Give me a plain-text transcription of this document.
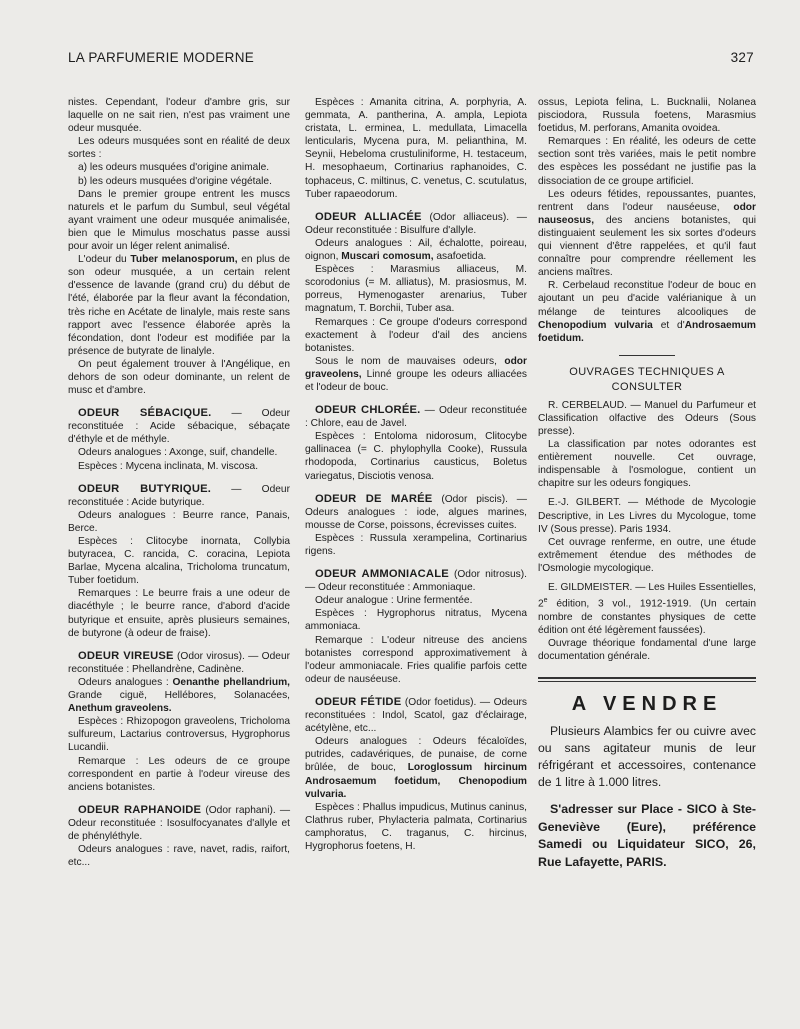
LA PARFUMERIE MODERNE	327

nistes. Cependant, l'odeur d'ambre gris, sur laquelle on ne sait rien, n'est pas vraiment une odeur musquée.

Les odeurs musquées sont en réalité de deux sortes :

a) les odeurs musquées d'origine animale.

b) les odeurs musquées d'origine végétale.

Dans le premier groupe entrent les muscs naturels et le parfum du Sumbul, seul végétal ayant vraiment une odeur musquée animalisée, bien que le Mimulus moschatus passe aussi pour avoir un léger relent animalisé.

L'odeur du Tuber melanosporum, en plus de son odeur musquée, a un certain relent d'essence de lavande (grand cru) du début de l'été, élaborée par la fleur avant la fécondation, très riche en Acétate de linalyle, mais reste sans rapport avec l'essence élaborée après la fécondation, dont l'odeur est modifiée par la présence de butyrate de linalyle.

On peut également trouver à l'Angélique, en dehors de son odeur dominante, un relent de musc et d'ambre.

ODEUR SÉBACIQUE. — Odeur reconstituée : Acide sébacique, sébaçate d'éthyle et de méthyle.

Odeurs analogues : Axonge, suif, chandelle.

Espèces : Mycena inclinata, M. viscosa.

ODEUR BUTYRIQUE. — Odeur reconstituée : Acide butyrique.

Odeurs analogues : Beurre rance, Panais, Berce.

Espèces : Clitocybe inornata, Collybia butyracea, C. rancida, C. coracina, Lepiota Barlae, Mycena alcalina, Tricholoma truncatum, Tuber foetidum.

Remarques : Le beurre frais a une odeur de diacéthyle ; le beurre rance, d'abord d'acide butyrique et ensuite, après plusieurs semaines, de butyrone (à odeur de fraise).

ODEUR VIREUSE (Odor virosus). — Odeur reconstituée : Phellandrène, Cadinène.

Odeurs analogues : Oenanthe phellandrium, Grande ciguë, Hellébores, Solanacées, Anethum graveolens.

Espèces : Rhizopogon graveolens, Tricholoma sulfureum, Lactarius controversus, Hygrophorus Lucandii.

Remarque : Les odeurs de ce groupe correspondent en partie à l'odeur vireuse des anciens botanistes.

ODEUR RAPHANOIDE (Odor raphani). — Odeur reconstituée : Isosulfocyanates d'allyle et de phényléthyle.

Odeurs analogues : rave, navet, radis, raifort, etc...

Espèces : Amanita citrina, A. porphyria, A. gemmata, A. pantherina, A. ampla, Lepiota cristata, L. erminea, L. medullata, Limacella lenticularis, Mycena pura, M. pelianthina, M. Seynii, Hebeloma crustuliniforme, H. testaceum, H. mesophaeum, Cortinarius raphanoides, C. tophaceus, C. miltinus, C. venetus, C. scutulatus, Tuber rapaeodorum.

ODEUR ALLIACÉE (Odor alliaceus). — Odeur reconstituée : Bisulfure d'allyle.

Odeurs analogues : Ail, échalotte, poireau, oignon, Muscari comosum, asafoetida.

Espèces : Marasmius alliaceus, M. scorodonius (= M. alliatus), M. prasiosmus, M. porreus, Hymenogaster arenarius, Tuber magnatum, T. Borchii, Tuber asa.

Remarques : Ce groupe d'odeurs correspond exactement à l'odeur d'ail des anciens botanistes.

Sous le nom de mauvaises odeurs, odor graveolens, Linné groupe les odeurs alliacées et l'odeur de bouc.

ODEUR CHLORÉE. — Odeur reconstituée : Chlore, eau de Javel.

Espèces : Entoloma nidorosum, Clitocybe gallinacea (= C. phylophylla Cooke), Russula rhodopoda, Cortinarius causticus, Boletus variegatus, Disciotis venosa.

ODEUR DE MARÉE (Odor piscis). — Odeurs analogues : iode, algues marines, mousse de Corse, poissons, écrevisses cuites.

Espèces : Russula xerampelina, Cortinarius rigens.

ODEUR AMMONIACALE (Odor nitrosus). — Odeur reconstituée : Ammoniaque.

Odeur analogue : Urine fermentée.

Espèces : Hygrophorus nitratus, Mycena ammoniaca.

Remarque : L'odeur nitreuse des anciens botanistes correspond approximativement à l'odeur ammoniacale. Fries qualifie parfois cette odeur de nauséeuse.

ODEUR FÉTIDE (Odor foetidus). — Odeurs reconstituées : Indol, Scatol, gaz d'éclairage, acétylène, etc...

Odeurs analogues : Odeurs fécaloïdes, putrides, cadavériques, de punaise, de corne brûlée, de bouc, Loroglossum hircinum Androsaemum foetidum, Chenopodium vulvaria.

Espèces : Phallus impudicus, Mutinus caninus, Clathrus ruber, Phylacteria palmata, Cortinarius camphoratus, C. traganus, C. hircinus, Hygrophorus foetens, H.

ossus, Lepiota felina, L. Bucknalii, Nolanea pisciodora, Russula foetens, Marasmius foetidus, M. perforans, Amanita ovoidea.

Remarques : En réalité, les odeurs de cette section sont très variées, mais le petit nombre des espèces les possédant ne justifie pas la dissociation de ce groupe artificiel.

Les odeurs fétides, repoussantes, puantes, rentrent dans l'odeur nauséeuse, odor nauseosus, des anciens botanistes, qui distinguaient seulement les six sortes d'odeurs qui viennent d'être rappelées, et qu'il faut connaître pour comprendre réellement les anciens maîtres.

R. Cerbelaud reconstitue l'odeur de bouc en ajoutant un peu d'acide valérianique à un mélange de teintures alcooliques de Chenopodium vulvaria et d'Androsaemum foetidum.

OUVRAGES TECHNIQUES A CONSULTER

R. CERBELAUD. — Manuel du Parfumeur et Classification olfactive des Odeurs (Sous presse).

La classification par notes odorantes est entièrement nouvelle. Cet ouvrage, indispensable à l'osmologue, contient un chapitre sur les odeurs fongiques.

E.-J. GILBERT. — Méthode de Mycologie Descriptive, in Les Livres du Mycologue, tome IV (Sous presse). Paris 1934.

Cet ouvrage renferme, en outre, une étude extrêmement étendue des méthodes de l'Osmologie mycologique.

E. GILDMEISTER. — Les Huiles Essentielles, 2e édition, 3 vol., 1912-1919. (Un certain nombre de constantes physiques de cette édition ont été légèrement faussées).

Ouvrage théorique fondamental d'une large documentation générale.

A VENDRE

Plusieurs Alambics fer ou cuivre avec ou sans agitateur munis de leur réfrigérant et accessoires, contenance de 1 litre à 1.000 litres.

S'adresser sur Place - SICO à Ste-Geneviève (Eure), préférence Samedi ou Liquidateur SICO, 26, Rue Lafayette, PARIS.
